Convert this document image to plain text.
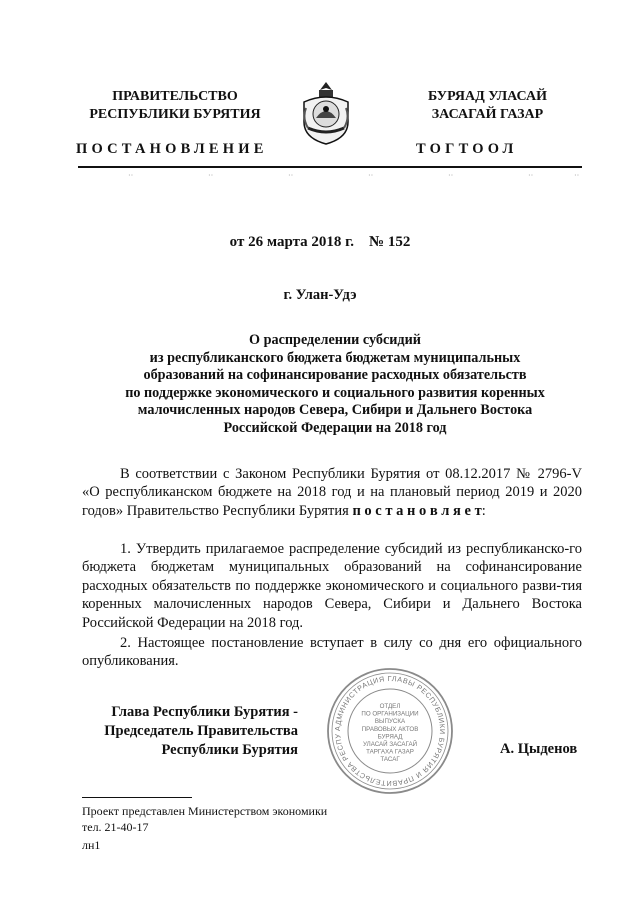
ПРАВИТЕЛЬСТВО
РЕСПУБЛИКИ БУРЯТИЯ
БУРЯАД УЛАСАЙ
ЗАСАГАЙ ГАЗАР
ПОСТАНОВЛЕНИЕ	ТОГТООЛ
··	··	··	··	··	··	··
от 26 марта 2018 г.    № 152
г. Улан-Удэ
О распределении субсидий
из республиканского бюджета бюджетам муниципальных
образований на софинансирование расходных обязательств
по поддержке экономического и социального развития коренных
малочисленных народов Севера, Сибири и Дальнего Востока
Российской Федерации на 2018 год
В соответствии с Законом Республики Бурятия от 08.12.2017 № 2796-V «О республиканском бюджете на 2018 год и на плановый период 2019 и 2020 годов» Правительство Республики Бурятия п о с т а н о в л я е т:
1. Утвердить прилагаемое распределение субсидий из республиканско-го бюджета бюджетам муниципальных образований на софинансирование расходных обязательств по поддержке экономического и социального разви-тия коренных малочисленных народов Севера, Сибири и Дальнего Востока Российской Федерации на 2018 год.
2. Настоящее постановление вступает в силу со дня его официального опубликования.
Глава Республики Бурятия -
Председатель Правительства
Республики Бурятия
АДМИНИСТРАЦИЯ ГЛАВЫ РЕСПУБЛИКИ БУРЯТИЯ И ПРАВИТЕЛЬСТВА РЕСПУ
ОТДЕЛ
ПО ОРГАНИЗАЦИИ
ВЫПУСКА
ПРАВОВЫХ АКТОВ
БУРЯАД
УЛАСАЙ ЗАСАГАЙ
ТАРГАХА ГАЗАР
ТАСАГ
А. Цыденов
Проект представлен Министерством экономики
тел. 21-40-17
лн1
